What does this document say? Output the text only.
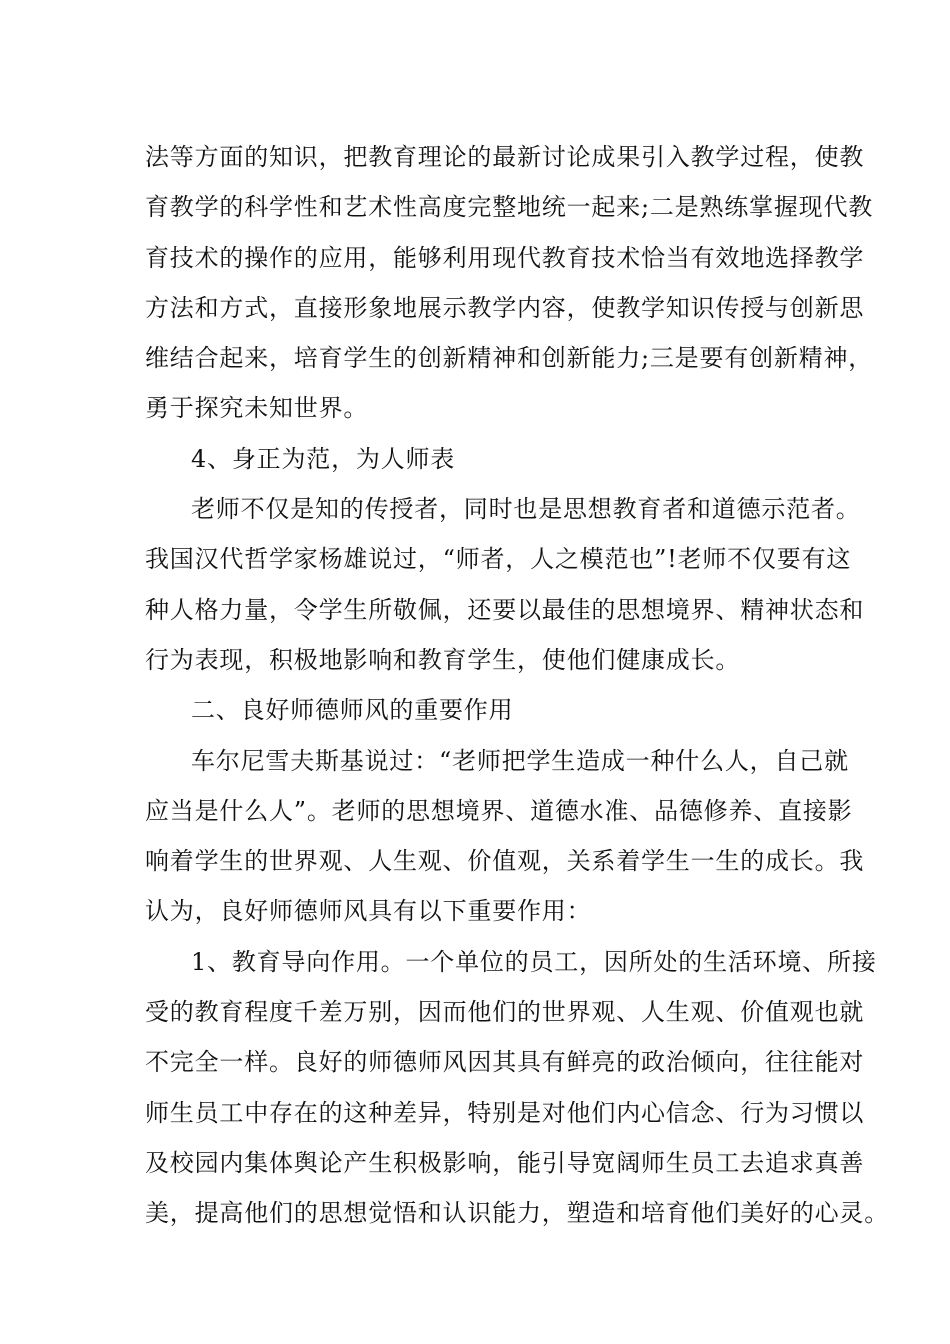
法等方面的知识，把教育理论的最新讨论成果引入教学过程，使教
育教学的科学性和艺术性高度完整地统一起来;二是熟练掌握现代教
育技术的操作的应用，能够利用现代教育技术恰当有效地选择教学
方法和方式，直接形象地展示教学内容，使教学知识传授与创新思
维结合起来，培育学生的创新精神和创新能力;三是要有创新精神，
勇于探究未知世界。
4、身正为范，为人师表
老师不仅是知的传授者，同时也是思想教育者和道德示范者。
我国汉代哲学家杨雄说过，“师者，人之模范也”!老师不仅要有这
种人格力量，令学生所敬佩，还要以最佳的思想境界、精神状态和
行为表现，积极地影响和教育学生，使他们健康成长。
二、良好师德师风的重要作用
车尔尼雪夫斯基说过：“老师把学生造成一种什么人，自己就
应当是什么人”。老师的思想境界、道德水准、品德修养、直接影
响着学生的世界观、人生观、价值观，关系着学生一生的成长。我
认为，良好师德师风具有以下重要作用：
1、教育导向作用。一个单位的员工，因所处的生活环境、所接
受的教育程度千差万别，因而他们的世界观、人生观、价值观也就
不完全一样。良好的师德师风因其具有鲜亮的政治倾向，往往能对
师生员工中存在的这种差异，特别是对他们内心信念、行为习惯以
及校园内集体舆论产生积极影响，能引导宽阔师生员工去追求真善
美，提高他们的思想觉悟和认识能力，塑造和培育他们美好的心灵。
